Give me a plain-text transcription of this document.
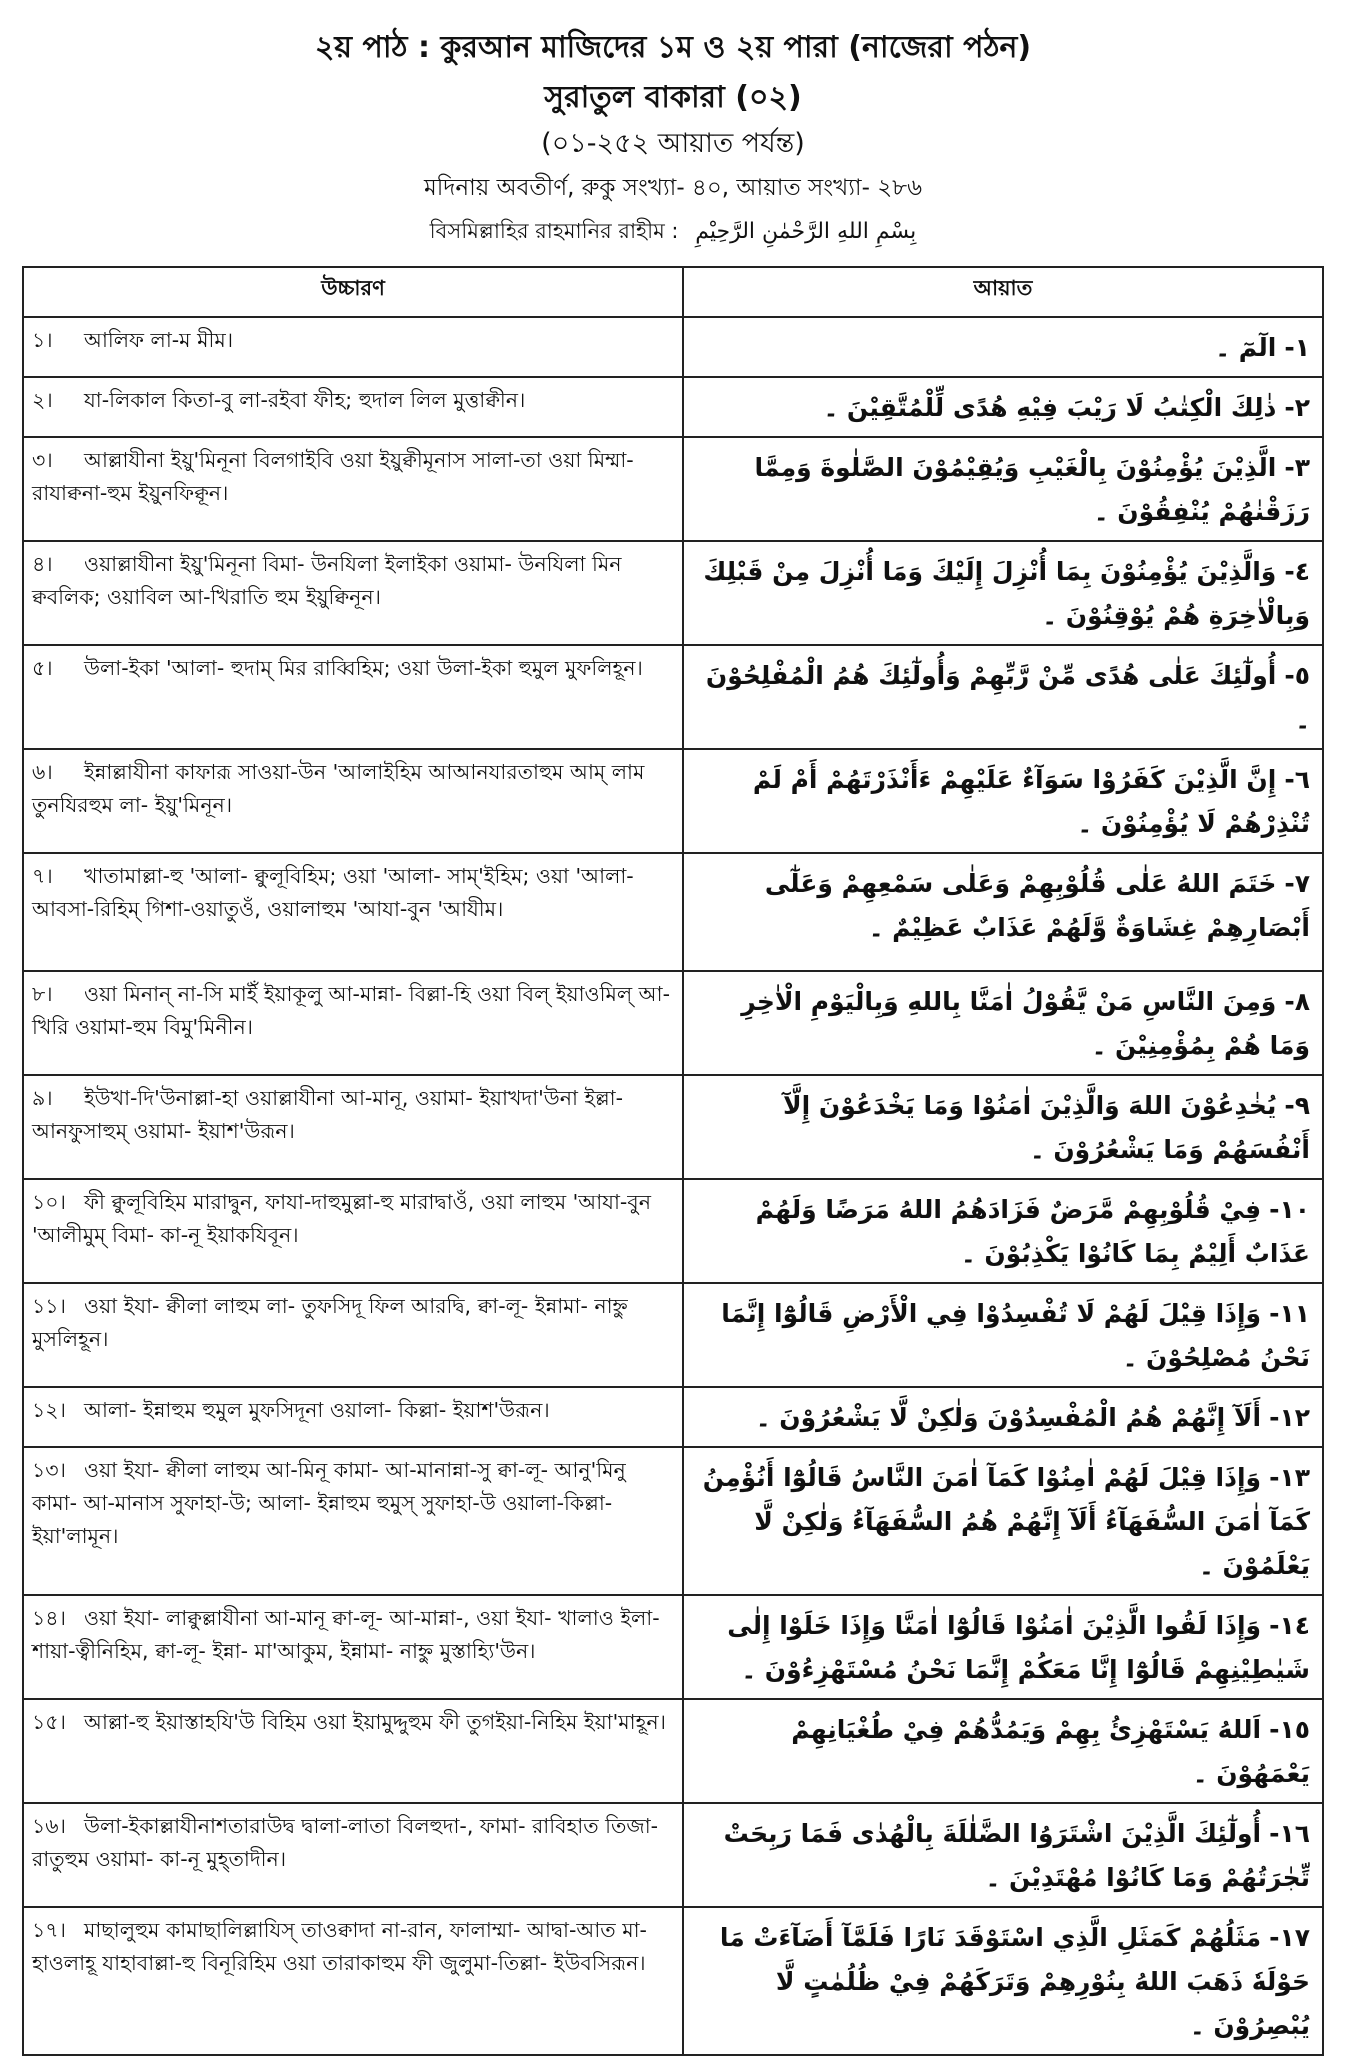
২য় পাঠ : কুরআন মাজিদের ১ম ও ২য় পারা (নাজেরা পঠন)
সুরাতুল বাকারা (০২)
(০১-২৫২ আয়াত পর্যন্ত)
মদিনায় অবতীর্ণ, রুকু সংখ্যা- ৪০, আয়াত সংখ্যা- ২৮৬
বিসমিল্লাহির রাহমানির রাহীম : بِسْمِ اللهِ الرَّحْمٰنِ الرَّحِيْمِ
উচ্চারণ	আয়াত
১। আলিফ লা-ম মীম।	١-الٓمٓ ۔
২। যা-লিকাল কিতা-বু লা-রইবা ফীহ; হুদাল লিল মুত্তাক্বীন।	٢-ذٰلِكَ الْكِتٰبُ لَا رَيْبَ فِيْهِ هُدًى لِّلْمُتَّقِيْنَ ۔
৩। আল্লাযীনা ইয়ু'মিনূনা বিলগাইবি ওয়া ইয়ুক্বীমূনাস সালা-তা ওয়া মিম্মা- রাযাক্বনা-হুম ইয়ুনফিক্বূন।	٣-الَّذِيْنَ يُؤْمِنُوْنَ بِالْغَيْبِ وَيُقِيْمُوْنَ الصَّلٰوةَ وَمِمَّا رَزَقْنٰهُمْ يُنْفِقُوْنَ ۔
৪। ওয়াল্লাযীনা ইয়ু'মিনূনা বিমা- উনযিলা ইলাইকা ওয়ামা- উনযিলা মিন ক্ববলিক; ওয়াবিল আ-খিরাতি হুম ইয়ুক্বিনূন।	٤-وَالَّذِيْنَ يُؤْمِنُوْنَ بِمَا أُنْزِلَ إِلَيْكَ وَمَا أُنْزِلَ مِنْ قَبْلِكَ وَبِالْاٰخِرَةِ هُمْ يُوْقِنُوْنَ ۔
৫। উলা-ইকা 'আলা- হুদাম্ মির রাব্বিহিম; ওয়া উলা-ইকা হুমুল মুফলিহূন।	٥-أُولٰٓئِكَ عَلٰى هُدًى مِّنْ رَّبِّهِمْ وَأُولٰٓئِكَ هُمُ الْمُفْلِحُوْنَ ۔
৬। ইন্নাল্লাযীনা কাফারূ সাওয়া-উন 'আলাইহিম আআনযারতাহুম আম্ লাম তুনযিরহুম লা- ইয়ু'মিনূন।	٦-إِنَّ الَّذِيْنَ كَفَرُوْا سَوَآءٌ عَلَيْهِمْ ءَأَنْذَرْتَهُمْ أَمْ لَمْ تُنْذِرْهُمْ لَا يُؤْمِنُوْنَ ۔
৭। খাতামাল্লা-হু 'আলা- ক্বুলূবিহিম; ওয়া 'আলা- সাম্'ইহিম; ওয়া 'আলা- আবসা-রিহিম্ গিশা-ওয়াতুওঁ, ওয়ালাহুম 'আযা-বুন 'আযীম।	٧-خَتَمَ اللهُ عَلٰى قُلُوْبِهِمْ وَعَلٰى سَمْعِهِمْ وَعَلٰٓى أَبْصَارِهِمْ غِشَاوَةٌ وَّلَهُمْ عَذَابٌ عَظِيْمٌ ۔
৮। ওয়া মিনান্ না-সি মাইঁ ইয়াকূলু আ-মান্না- বিল্লা-হি ওয়া বিল্ ইয়াওমিল্ আ-খিরি ওয়ামা-হুম বিমু'মিনীন।	٨-وَمِنَ النَّاسِ مَنْ يَّقُوْلُ اٰمَنَّا بِاللهِ وَبِالْيَوْمِ الْاٰخِرِ وَمَا هُمْ بِمُؤْمِنِيْنَ ۔
৯। ইউখা-দি'উনাল্লা-হা ওয়াল্লাযীনা আ-মানূ, ওয়ামা- ইয়াখদা'উনা ইল্লা- আনফুসাহুম্ ওয়ামা- ইয়াশ'উরূন।	٩-يُخٰدِعُوْنَ اللهَ وَالَّذِيْنَ اٰمَنُوْا وَمَا يَخْدَعُوْنَ إِلَّآ أَنْفُسَهُمْ وَمَا يَشْعُرُوْنَ ۔
১০। ফী ক্বুলূবিহিম মারাদ্বুন, ফাযা-দাহুমুল্লা-হু মারাদ্বাওঁ, ওয়া লাহুম 'আযা-বুন 'আলীমুম্ বিমা- কা-নূ ইয়াকযিবূন।	١٠-فِيْ قُلُوْبِهِمْ مَّرَضٌ فَزَادَهُمُ اللهُ مَرَضًا وَلَهُمْ عَذَابٌ أَلِيْمٌ بِمَا كَانُوْا يَكْذِبُوْنَ ۔
১১। ওয়া ইযা- ক্বীলা লাহুম লা- তুফসিদূ ফিল আরদ্বি, ক্বা-লূ- ইন্নামা- নাহ্নু মুসলিহূন।	١١-وَإِذَا قِيْلَ لَهُمْ لَا تُفْسِدُوْا فِي الْأَرْضِ قَالُوْٓا إِنَّمَا نَحْنُ مُصْلِحُوْنَ ۔
১২। আলা- ইন্নাহুম হুমুল মুফসিদূনা ওয়ালা- কিল্লা- ইয়াশ'উরূন।	١٢-أَلَآ إِنَّهُمْ هُمُ الْمُفْسِدُوْنَ وَلٰكِنْ لَّا يَشْعُرُوْنَ ۔
১৩। ওয়া ইযা- ক্বীলা লাহুম আ-মিনূ কামা- আ-মানান্না-সু ক্বা-লূ- আনু'মিনু কামা- আ-মানাস সুফাহা-উ; আলা- ইন্নাহুম হুমুস্ সুফাহা-উ ওয়ালা-কিল্লা- ইয়া'লামূন।	١٣-وَإِذَا قِيْلَ لَهُمْ اٰمِنُوْا كَمَآ اٰمَنَ النَّاسُ قَالُوْٓا أَنُؤْمِنُ كَمَآ اٰمَنَ السُّفَهَآءُ أَلَآ إِنَّهُمْ هُمُ السُّفَهَآءُ وَلٰكِنْ لَّا يَعْلَمُوْنَ ۔
১৪। ওয়া ইযা- লাক্বুল্লাযীনা আ-মানূ ক্বা-লূ- আ-মান্না-, ওয়া ইযা- খালাও ইলা- শায়া-ত্বীনিহিম, ক্বা-লূ- ইন্না- মা'আকুম, ইন্নামা- নাহ্নু মুস্তাহ্যি'উন।	١٤-وَإِذَا لَقُوا الَّذِيْنَ اٰمَنُوْا قَالُوْٓا اٰمَنَّا وَإِذَا خَلَوْا إِلٰى شَيٰطِيْنِهِمْ قَالُوْٓا إِنَّا مَعَكُمْ إِنَّمَا نَحْنُ مُسْتَهْزِءُوْنَ ۔
১৫। আল্লা-হু ইয়াস্তাহযি'উ বিহিম ওয়া ইয়ামুদ্দুহুম ফী তুগইয়া-নিহিম ইয়া'মাহূন।	١٥-اَللهُ يَسْتَهْزِئُ بِهِمْ وَيَمُدُّهُمْ فِيْ طُغْيَانِهِمْ يَعْمَهُوْنَ ۔
১৬। উলা-ইকাল্লাযীনাশতারাউদ্ব দ্বালা-লাতা বিলহুদা-, ফামা- রাবিহাত তিজা-রাতুহুম ওয়ামা- কা-নূ মুহ্তাদীন।	١٦-أُولٰٓئِكَ الَّذِيْنَ اشْتَرَوُا الضَّلٰلَةَ بِالْهُدٰى فَمَا رَبِحَتْ تِّجٰرَتُهُمْ وَمَا كَانُوْا مُهْتَدِيْنَ ۔
১৭। মাছালুহুম কামাছালিল্লাযিস্ তাওক্বাদা না-রান, ফালাম্মা- আদ্বা-আত মা- হাওলাহূ যাহাবাল্লা-হু বিনূরিহিম ওয়া তারাকাহুম ফী জুলুমা-তিল্লা- ইউবসিরূন।	١٧-مَثَلُهُمْ كَمَثَلِ الَّذِي اسْتَوْقَدَ نَارًا فَلَمَّآ أَضَآءَتْ مَا حَوْلَهٗ ذَهَبَ اللهُ بِنُوْرِهِمْ وَتَرَكَهُمْ فِيْ ظُلُمٰتٍ لَّا يُبْصِرُوْنَ ۔
